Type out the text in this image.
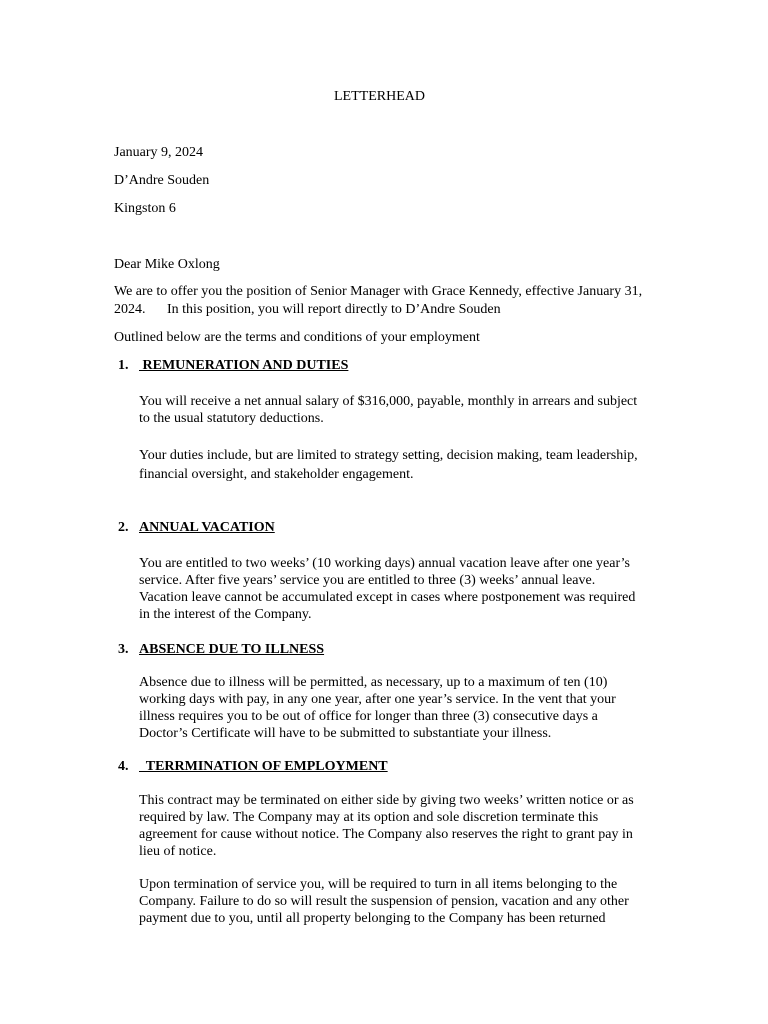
LETTERHEAD
January 9, 2024
D’Andre Souden
Kingston 6
Dear Mike Oxlong
We are to offer you the position of Senior Manager with Grace Kennedy, effective January 31,
2024. In this position, you will report directly to D’Andre Souden
Outlined below are the terms and conditions of your employment
1. REMUNERATION AND DUTIES
You will receive a net annual salary of $316,000, payable, monthly in arrears and subject
to the usual statutory deductions.
Your duties include, but are limited to strategy setting, decision making, team leadership,
financial oversight, and stakeholder engagement.
2. ANNUAL VACATION
You are entitled to two weeks’ (10 working days) annual vacation leave after one year’s
service. After five years’ service you are entitled to three (3) weeks’ annual leave.
Vacation leave cannot be accumulated except in cases where postponement was required
in the interest of the Company.
3. ABSENCE DUE TO ILLNESS
Absence due to illness will be permitted, as necessary, up to a maximum of ten (10)
working days with pay, in any one year, after one year’s service. In the vent that your
illness requires you to be out of office for longer than three (3) consecutive days a
Doctor’s Certificate will have to be submitted to substantiate your illness.
4. TERRMINATION OF EMPLOYMENT
This contract may be terminated on either side by giving two weeks’ written notice or as
required by law. The Company may at its option and sole discretion terminate this
agreement for cause without notice. The Company also reserves the right to grant pay in
lieu of notice.
Upon termination of service you, will be required to turn in all items belonging to the
Company. Failure to do so will result the suspension of pension, vacation and any other
payment due to you, until all property belonging to the Company has been returned
